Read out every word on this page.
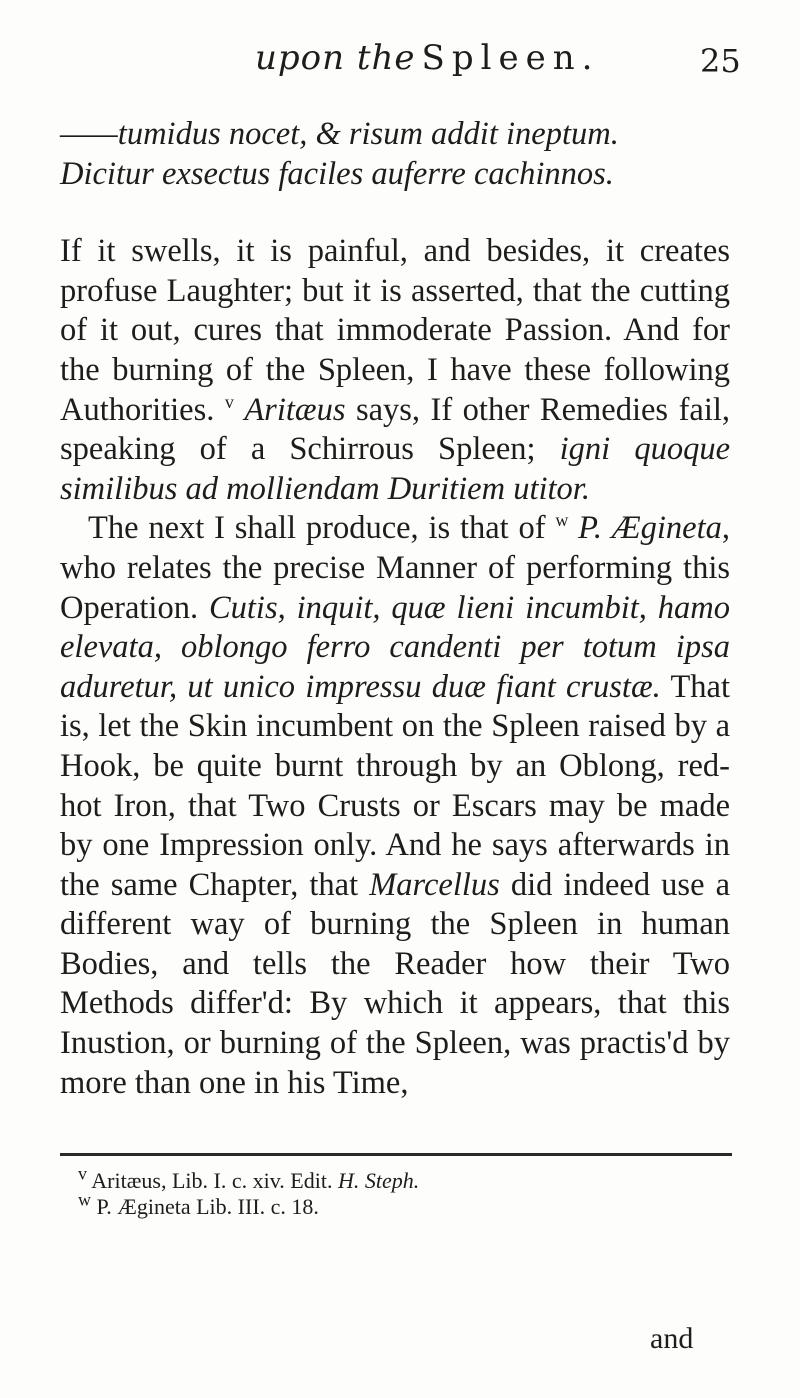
upon the Spleen.	25

——tumidus nocet, & risum addit ineptum.
Dicitur exsectus faciles auferre cachinnos.

If it swells, it is painful, and besides, it creates profuse Laughter; but it is asserted, that the cutting of it out, cures that immoderate Passion. And for the burning of the Spleen, I have these following Authorities. $^v$ Aritæus says, If other Remedies fail, speaking of a Schirrous Spleen; igni quoque similibus ad molliendam Duritiem utitor.

The next I shall produce, is that of $^w$ P. Ægineta, who relates the precise Manner of performing this Operation. Cutis, inquit, quæ lieni incumbit, hamo elevata, oblongo ferro candenti per totum ipsa aduretur, ut unico impressu duæ fiant crustæ. That is, let the Skin incumbent on the Spleen raised by a Hook, be quite burnt through by an Oblong, red-hot Iron, that Two Crusts or Escars may be made by one Impression only. And he says afterwards in the same Chapter, that Marcellus did indeed use a different way of burning the Spleen in human Bodies, and tells the Reader how their Two Methods differ'd: By which it appears, that this Inustion, or burning of the Spleen, was practis'd by more than one in his Time,

$^v$ Aritæus, Lib. I. c. xiv. Edit. H. Steph.
$^w$ P. Ægineta Lib. III. c. 18.
and
